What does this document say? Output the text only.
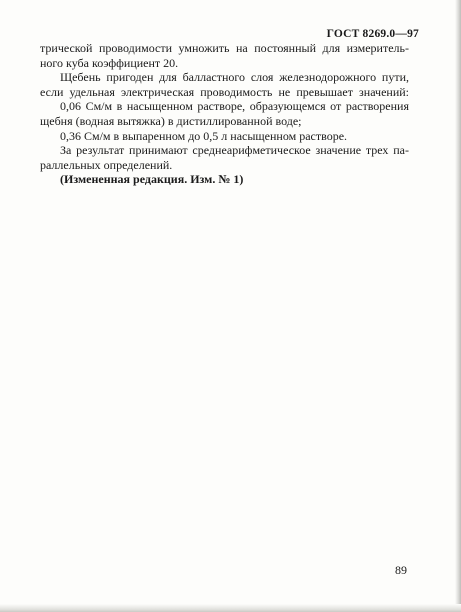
ГОСТ 8269.0—97
трической проводимости умножить на постоянный для измеритель-
ного куба коэффициент 20.
Щебень пригоден для балластного слоя железнодорожного пути,
если удельная электрическая проводимость не превышает значений:
0,06 См/м в насыщенном растворе, образующемся от растворения
щебня (водная вытяжка) в дистиллированной воде;
0,36 См/м в выпаренном до 0,5 л насыщенном растворе.
За результат принимают среднеарифметическое значение трех па-
раллельных определений.
(Измененная редакция. Изм. № 1)
89
